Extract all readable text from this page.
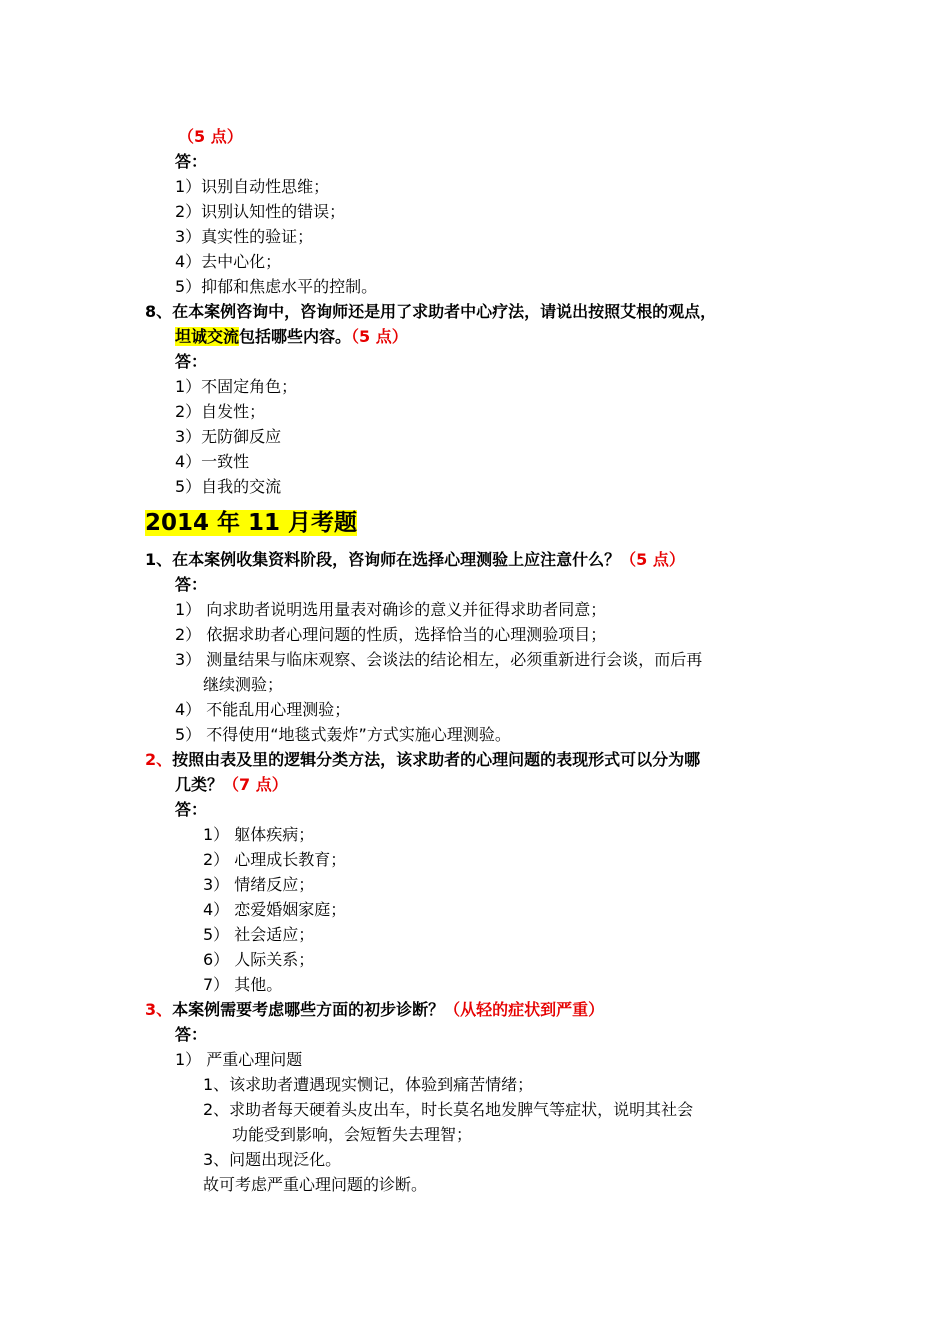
（5 点）
答：
1）识别自动性思维；
2）识别认知性的错误；
3）真实性的验证；
4）去中心化；
5）抑郁和焦虑水平的控制。
8、在本案例咨询中，咨询师还是用了求助者中心疗法，请说出按照艾根的观点，
坦诚交流包括哪些内容。（5 点）
答：
1）不固定角色；
2）自发性；
3）无防御反应
4）一致性
5）自我的交流
2014 年 11 月考题
1、在本案例收集资料阶段，咨询师在选择心理测验上应注意什么？（5 点）
答：
1） 向求助者说明选用量表对确诊的意义并征得求助者同意；
2） 依据求助者心理问题的性质，选择恰当的心理测验项目；
3） 测量结果与临床观察、会谈法的结论相左，必须重新进行会谈，而后再
继续测验；
4） 不能乱用心理测验；
5） 不得使用“地毯式轰炸”方式实施心理测验。
2、按照由表及里的逻辑分类方法，该求助者的心理问题的表现形式可以分为哪
几类？（7 点）
答：
1） 躯体疾病；
2） 心理成长教育；
3） 情绪反应；
4） 恋爱婚姻家庭；
5） 社会适应；
6） 人际关系；
7） 其他。
3、本案例需要考虑哪些方面的初步诊断？（从轻的症状到严重）
答：
1） 严重心理问题
1、该求助者遭遇现实恻记，体验到痛苦情绪；
2、求助者每天硬着头皮出车，时长莫名地发脾气等症状，说明其社会
功能受到影响，会短暂失去理智；
3、问题出现泛化。
故可考虑严重心理问题的诊断。
